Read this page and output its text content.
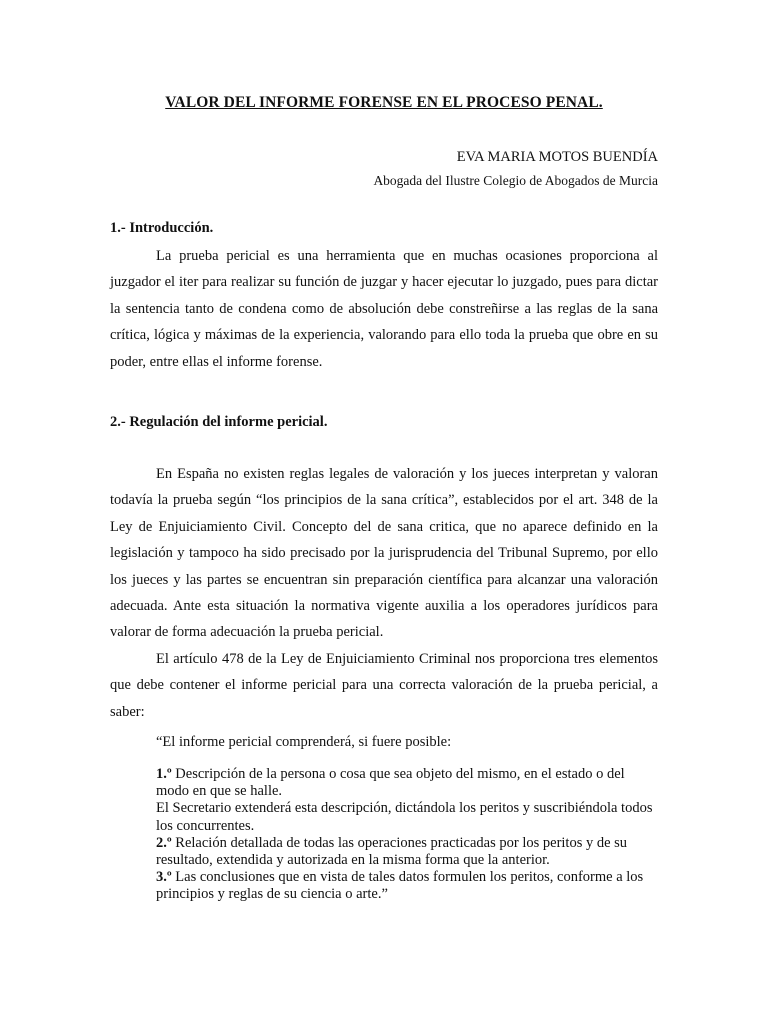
VALOR DEL INFORME FORENSE EN EL PROCESO PENAL.
EVA MARIA MOTOS BUENDÍA
Abogada del Ilustre Colegio de Abogados de Murcia
1.- Introducción.
La prueba pericial es una herramienta que en muchas ocasiones proporciona al juzgador el iter para realizar su función de juzgar y hacer ejecutar lo juzgado, pues para dictar la sentencia tanto de condena como de absolución debe constreñirse a las reglas de la sana crítica, lógica y máximas de la experiencia, valorando para ello toda la prueba que obre en su poder, entre ellas el informe forense.
2.- Regulación del informe pericial.
En España no existen reglas legales de valoración y los jueces interpretan y valoran todavía la prueba según “los principios de la sana crítica”, establecidos por el art. 348 de la Ley de Enjuiciamiento Civil. Concepto del de sana critica, que no aparece definido en la legislación y tampoco ha sido precisado por la jurisprudencia del Tribunal Supremo, por ello los jueces y las partes se encuentran sin preparación científica para alcanzar una valoración adecuada. Ante esta situación la normativa vigente auxilia a los operadores jurídicos para valorar de forma adecuación la prueba pericial.
El artículo 478 de la Ley de Enjuiciamiento Criminal nos proporciona tres elementos que debe contener el informe pericial para una correcta valoración de la prueba pericial, a saber:
“El informe pericial comprenderá, si fuere posible:

1.º Descripción de la persona o cosa que sea objeto del mismo, en el estado o del modo en que se halle.

El Secretario extenderá esta descripción, dictándola los peritos y suscribiéndola todos los concurrentes.

2.º Relación detallada de todas las operaciones practicadas por los peritos y de su resultado, extendida y autorizada en la misma forma que la anterior.

3.º Las conclusiones que en vista de tales datos formulen los peritos, conforme a los principios y reglas de su ciencia o arte.”
